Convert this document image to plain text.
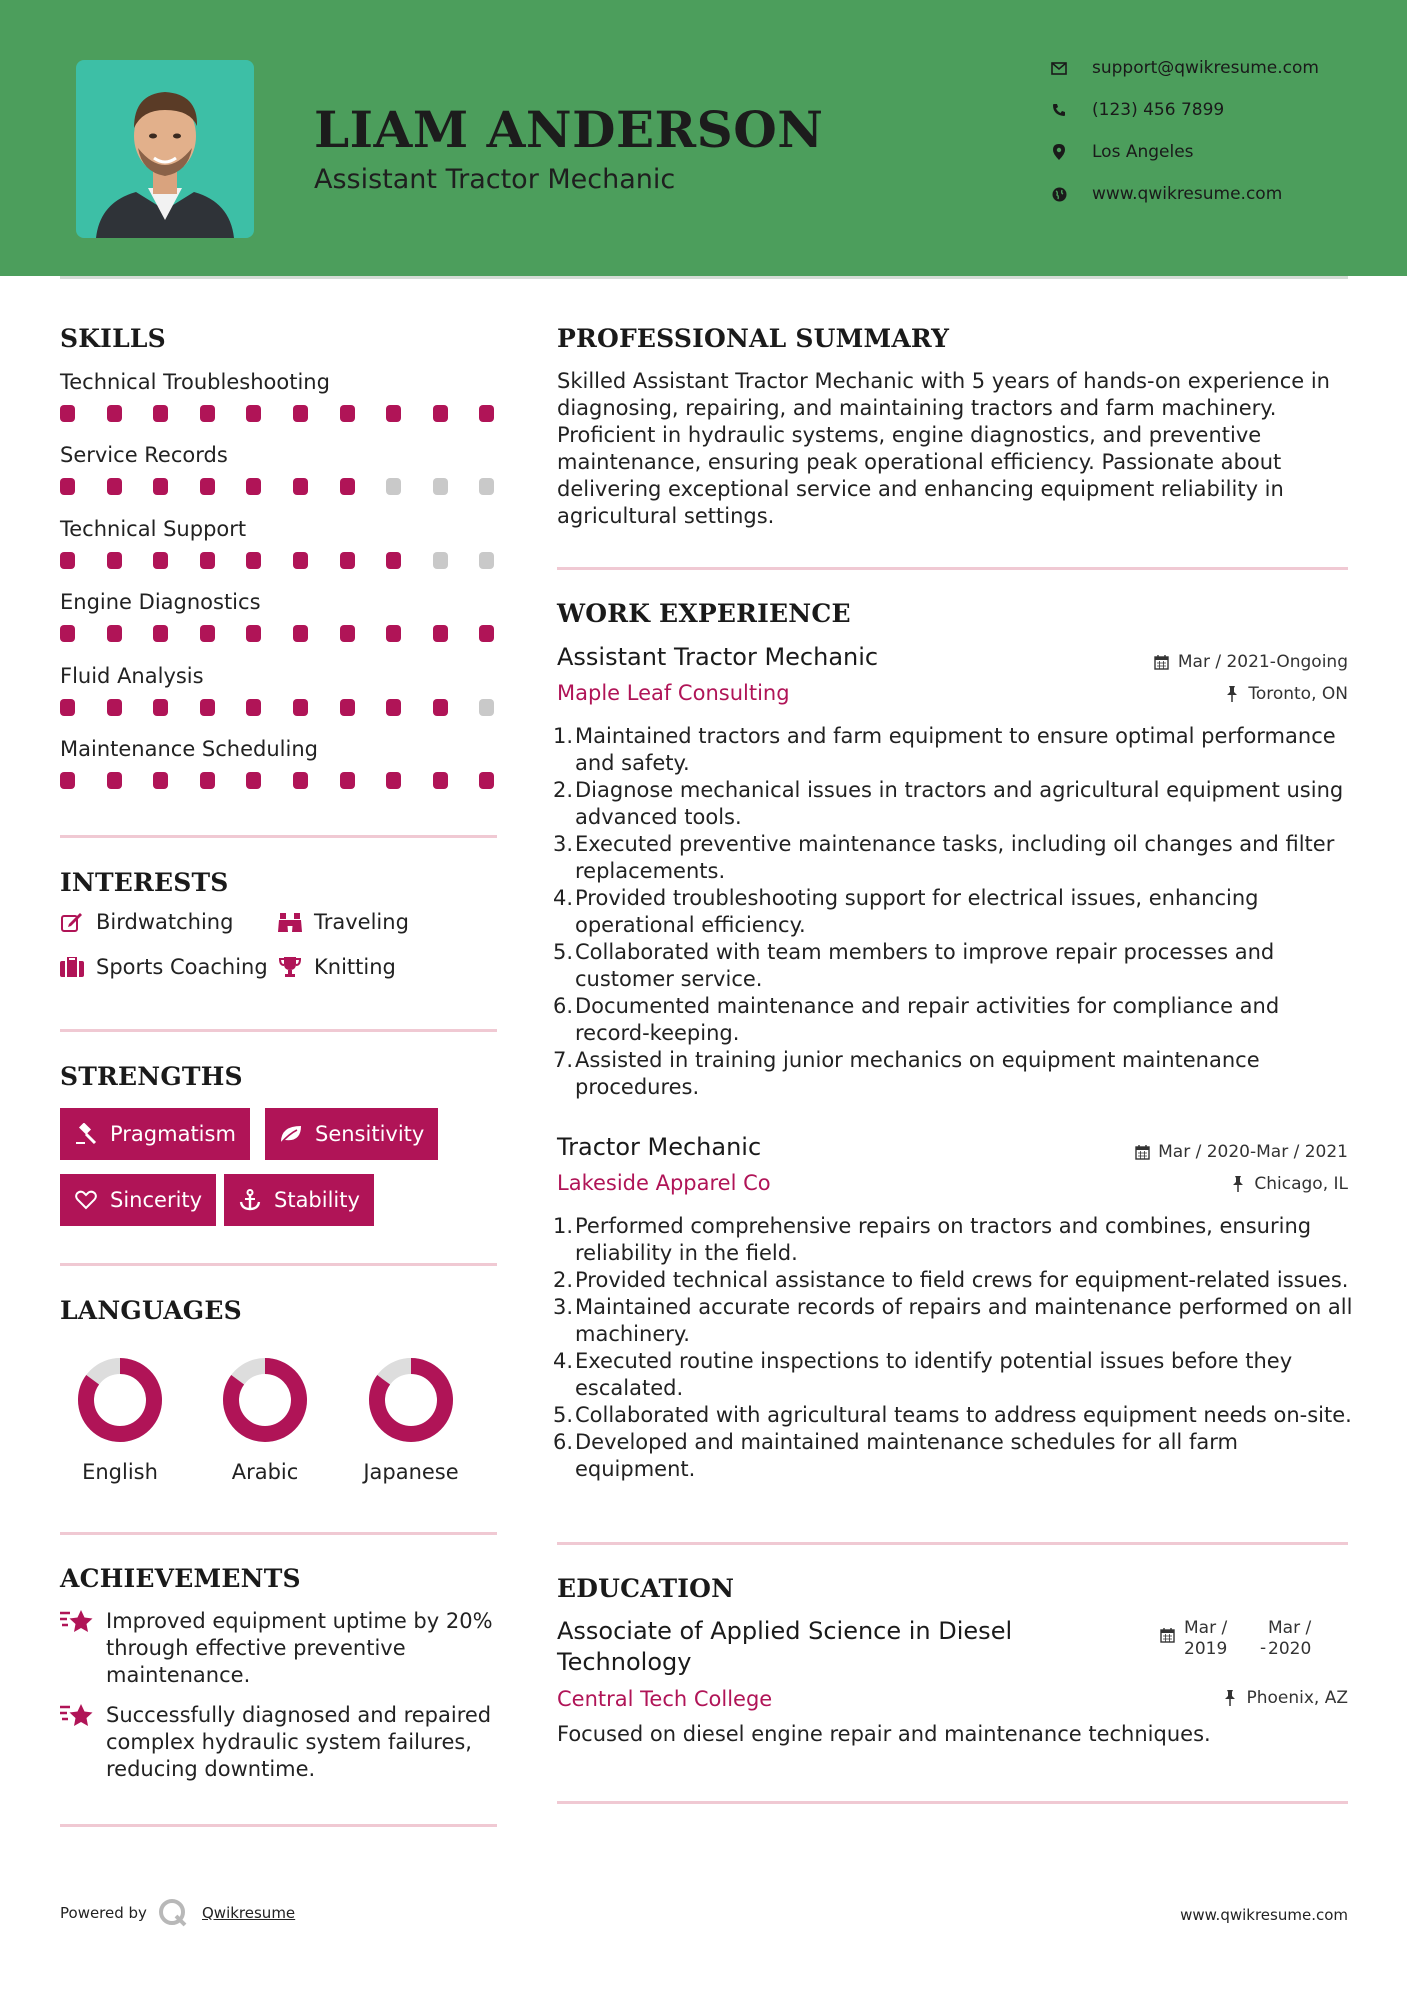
LIAM ANDERSON
Assistant Tractor Mechanic
support@qwikresume.com
(123) 456 7899
Los Angeles
www.qwikresume.com
SKILLS
Technical Troubleshooting
Service Records
Technical Support
Engine Diagnostics
Fluid Analysis
Maintenance Scheduling
INTERESTS
Birdwatching	Traveling
Sports Coaching Knitting
STRENGTHS
Pragmatism	Sensitivity
Sincerity	Stability
LANGUAGES
English	Arabic	Japanese
ACHIEVEMENTS
Improved equipment uptime by 20% through effective preventive maintenance.
Successfully diagnosed and repaired complex hydraulic system failures, reducing downtime.
PROFESSIONAL SUMMARY
Skilled Assistant Tractor Mechanic with 5 years of hands-on experience in diagnosing, repairing, and maintaining tractors and farm machinery. Proficient in hydraulic systems, engine diagnostics, and preventive maintenance, ensuring peak operational efficiency. Passionate about delivering exceptional service and enhancing equipment reliability in agricultural settings.
WORK EXPERIENCE
Assistant Tractor Mechanic
Maple Leaf Consulting
Mar / 2021-Ongoing
Toronto, ON
1. Maintained tractors and farm equipment to ensure optimal performance and safety.
2. Diagnose mechanical issues in tractors and agricultural equipment using advanced tools.
3. Executed preventive maintenance tasks, including oil changes and filter replacements.
4. Provided troubleshooting support for electrical issues, enhancing operational efficiency.
5. Collaborated with team members to improve repair processes and customer service.
6. Documented maintenance and repair activities for compliance and record-keeping.
7. Assisted in training junior mechanics on equipment maintenance procedures.
Tractor Mechanic
Lakeside Apparel Co
Mar / 2020-Mar / 2021
Chicago, IL
1. Performed comprehensive repairs on tractors and combines, ensuring reliability in the field.
2. Provided technical assistance to field crews for equipment-related issues.
3. Maintained accurate records of repairs and maintenance performed on all machinery.
4. Executed routine inspections to identify potential issues before they escalated.
5. Collaborated with agricultural teams to address equipment needs on-site.
6. Developed and maintained maintenance schedules for all farm equipment.
EDUCATION
Associate of Applied Science in Diesel Technology
Mar / 2019	-
Mar / 2020
Central Tech College	Phoenix, AZ
Focused on diesel engine repair and maintenance techniques.
Powered by	Qwikresume	www.qwikresume.com
